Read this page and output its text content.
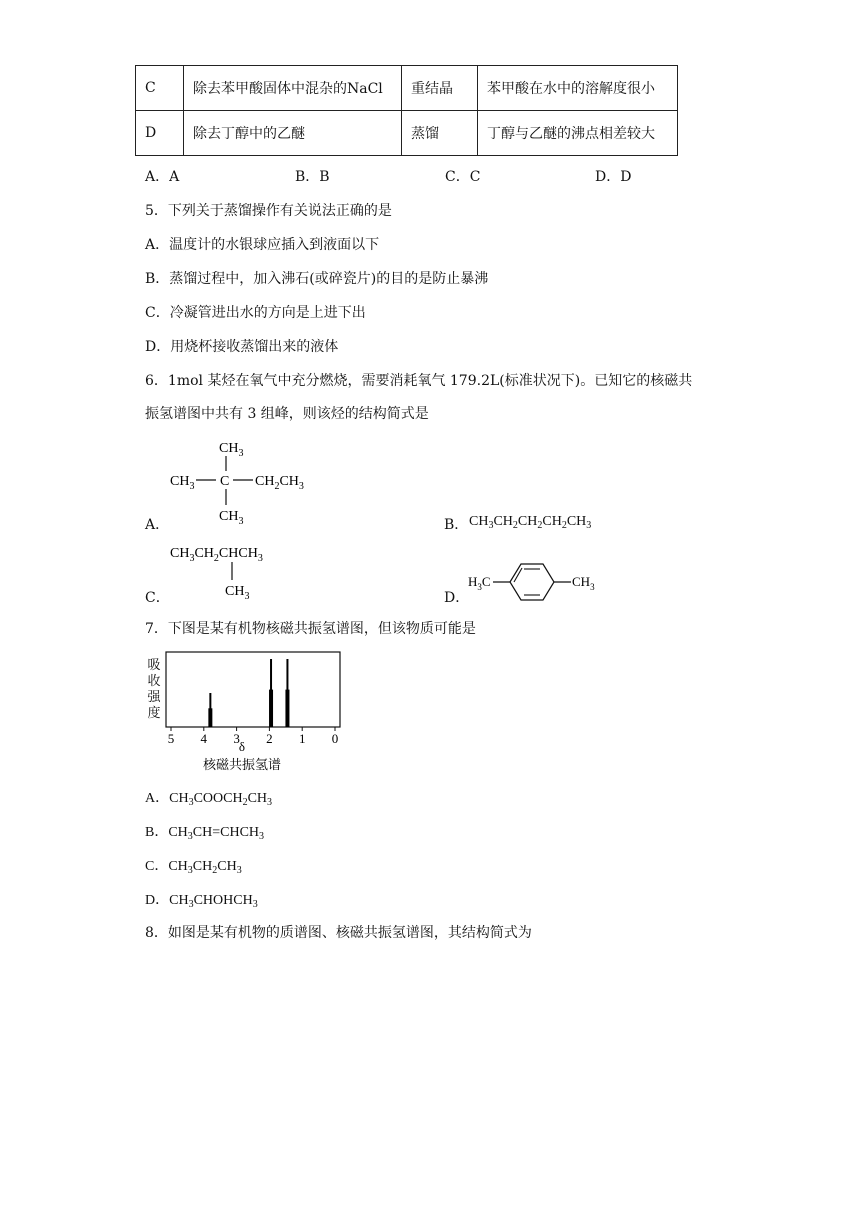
C	除去苯甲酸固体中混杂的NaCl	重结晶	苯甲酸在水中的溶解度很小
D	除去丁醇中的乙醚	蒸馏	丁醇与乙醚的沸点相差较大
A．A	B．B	C．C	D．D
5．下列关于蒸馏操作有关说法正确的是
A．温度计的水银球应插入到液面以下
B．蒸馏过程中，加入沸石(或碎瓷片)的目的是防止暴沸
C．冷凝管进出水的方向是上进下出
D．用烧杯接收蒸馏出来的液体
6．1mol 某烃在氧气中充分燃烧，需要消耗氧气 179.2L(标准状况下)。已知它的核磁共
振氢谱图中共有 3 组峰，则该烃的结构简式是
A．
$CH_3$
$CH_3$ C $CH_2CH_3$
$CH_3$	B． $CH_3CH_2CH_2CH_2CH_3$
C．
$CH_3CH_2CHCH_3$
$CH_3$	D．
$H_3C$	$CH_3$
7．下图是某有机物核磁共振氢谱图，但该物质可能是
吸
收
强
度
5 4 3 2 1 0
δ
核磁共振氢谱
A．$CH_3COOCH_2CH_3$
B．$CH_3CH=CHCH_3$
C．$CH_3CH_2CH_3$
D．$CH_3CHOHCH_3$
8．如图是某有机物的质谱图、核磁共振氢谱图，其结构简式为
